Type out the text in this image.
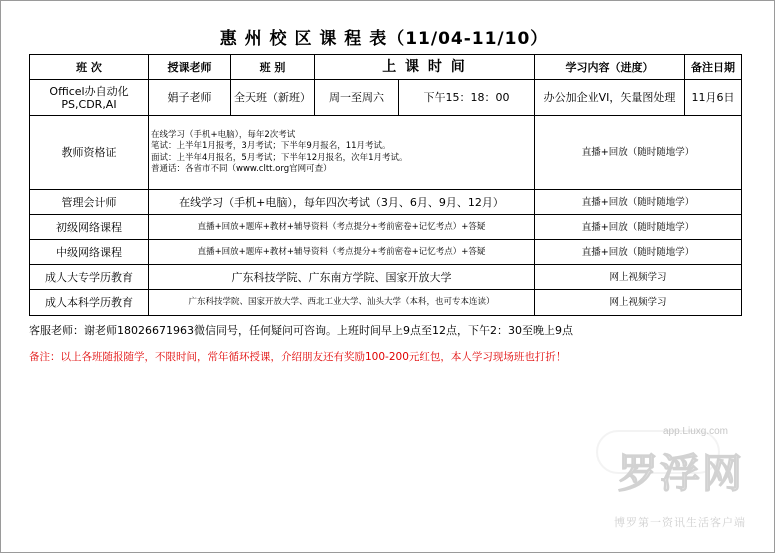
惠 州 校 区 课 程 表（11/04-11/10）
班 次	授课老师	班 别	上 课 时 间		学习内容（进度）	备注日期

Officel办自动化
PS,CDR,AI	娟子老师	全天班（新班）	周一至周六	下午15：18：00	办公加企业VI，矢量图处理	11月6日
教师资格证	在线学习（手机+电脑），每年2次考试
笔试：上半年1月报考，3月考试；下半年9月报名，11月考试。
面试：上半年4月报名，5月考试；下半年12月报名，次年1月考试。
普通话：各省市不同（www.cltt.org官网可查）				直播+回放（随时随地学）	
管理会计师	在线学习（手机+电脑），每年四次考试（3月、6月、9月、12月）				直播+回放（随时随地学）	
初级网络课程	直播+回放+题库+教材+辅导资料（考点提分+考前密卷+记忆考点）+答疑				直播+回放（随时随地学）	
中级网络课程	直播+回放+题库+教材+辅导资料（考点提分+考前密卷+记忆考点）+答疑				直播+回放（随时随地学）	
成人大专学历教育	广东科技学院、广东南方学院、国家开放大学				网上视频学习	
成人本科学历教育	广东科技学院、国家开放大学、西北工业大学、汕头大学（本科，也可专本连读）				网上视频学习	
客服老师：谢老师18026671963微信同号，任何疑问可咨询。上班时间早上9点至12点，下午2：30至晚上9点
备注：以上各班随报随学，不限时间，常年循环授课，介绍朋友还有奖励100-200元红包，本人学习现场班也打折！
app.Liuxg.com
罗浮网
博罗第一资讯生活客户端
